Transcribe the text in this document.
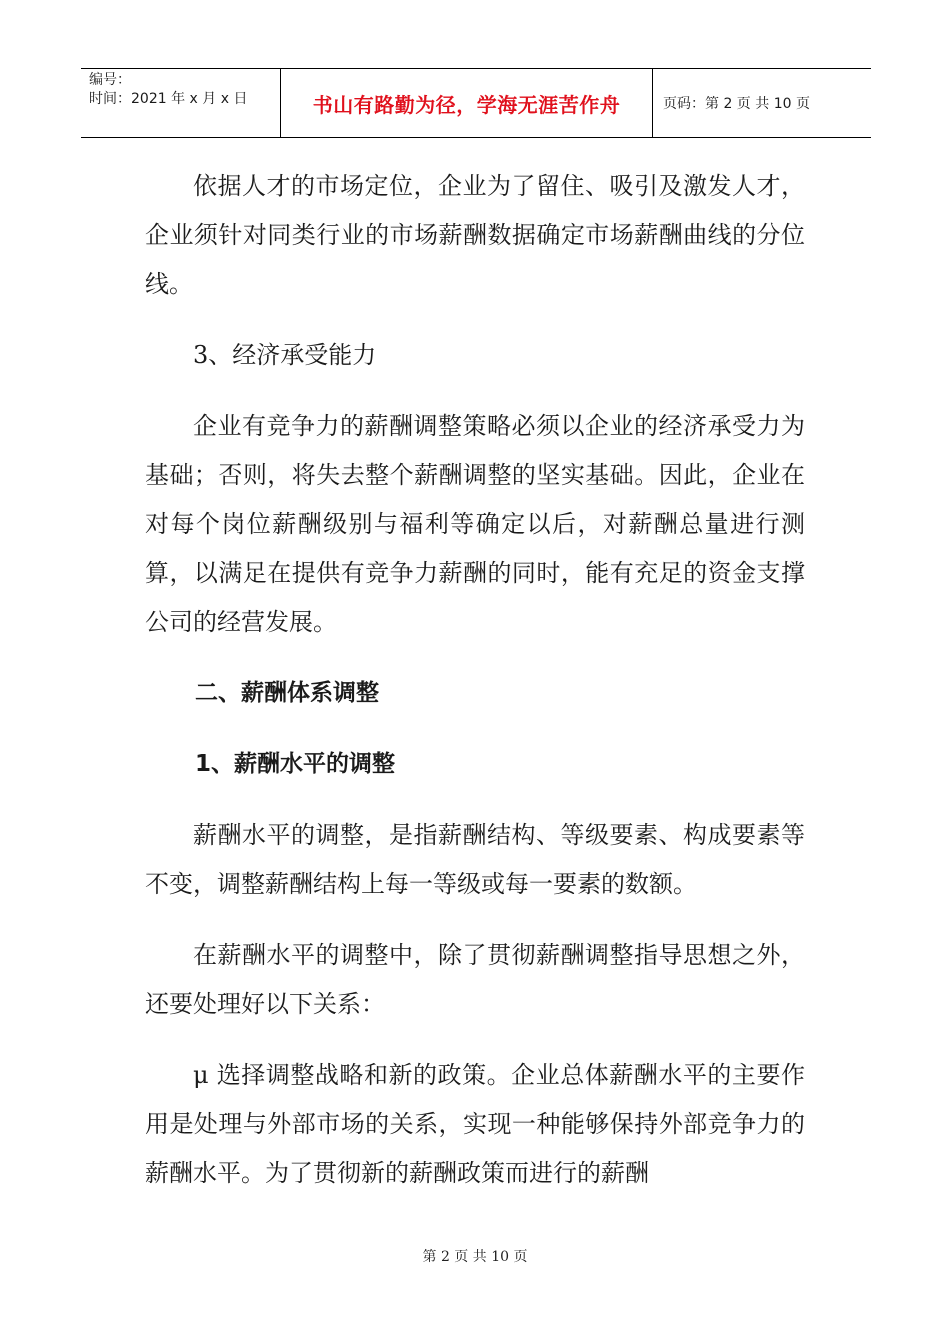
编号：
时间：2021 年 x 月 x 日	书山有路勤为径，学海无涯苦作舟	页码：第 2 页 共 10 页

依据人才的市场定位，企业为了留住、吸引及激发人才，企业须针对同类行业的市场薪酬数据确定市场薪酬曲线的分位线。

3、经济承受能力

企业有竞争力的薪酬调整策略必须以企业的经济承受力为基础；否则，将失去整个薪酬调整的坚实基础。因此，企业在对每个岗位薪酬级别与福利等确定以后，对薪酬总量进行测算，以满足在提供有竞争力薪酬的同时，能有充足的资金支撑公司的经营发展。

二、薪酬体系调整

1、薪酬水平的调整

薪酬水平的调整，是指薪酬结构、等级要素、构成要素等不变，调整薪酬结构上每一等级或每一要素的数额。

在薪酬水平的调整中，除了贯彻薪酬调整指导思想之外，还要处理好以下关系：

μ 选择调整战略和新的政策。企业总体薪酬水平的主要作用是处理与外部市场的关系，实现一种能够保持外部竞争力的薪酬水平。为了贯彻新的薪酬政策而进行的薪酬

第 2 页 共 10 页
